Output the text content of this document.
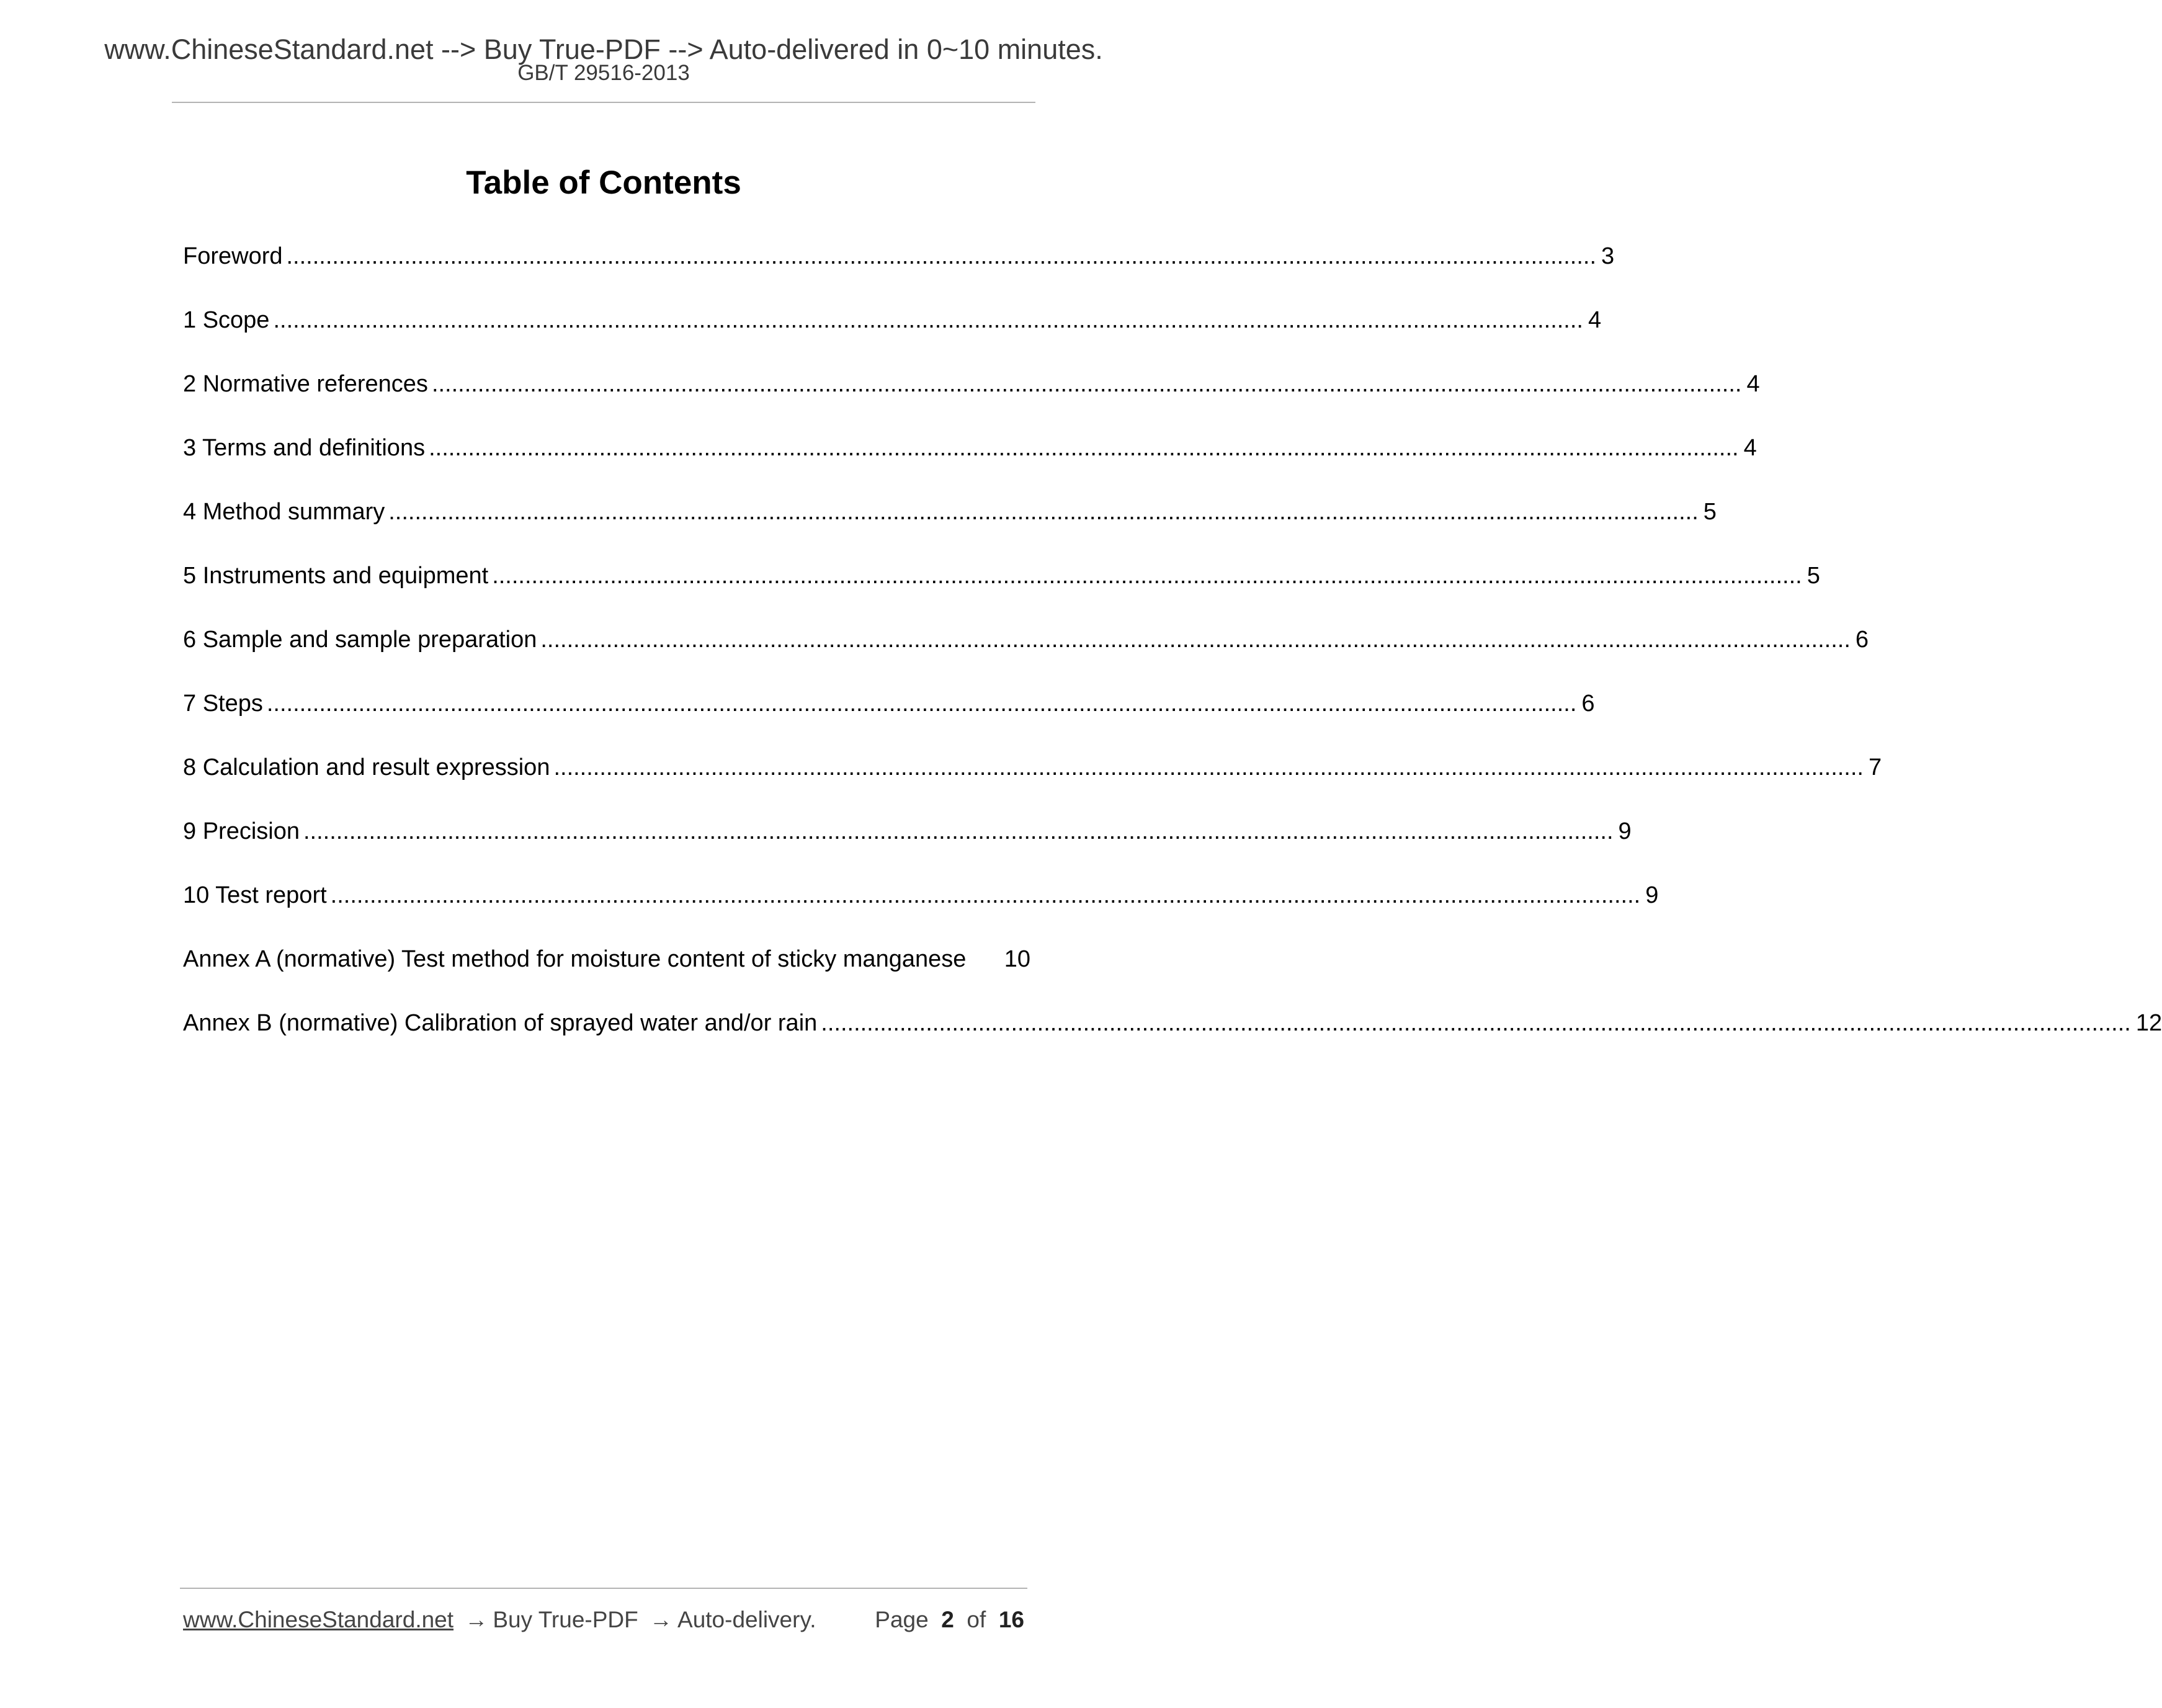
www.ChineseStandard.net --> Buy True-PDF --> Auto-delivered in 0~10 minutes.
GB/T 29516-2013
Table of Contents
Foreword ........................................................................................................................................................................................................ 3
1 Scope ........................................................................................................................................................................................................ 4
2 Normative references ........................................................................................................................................................................................................ 4
3 Terms and definitions ........................................................................................................................................................................................................ 4
4 Method summary ........................................................................................................................................................................................................ 5
5 Instruments and equipment ........................................................................................................................................................................................................ 5
6 Sample and sample preparation ........................................................................................................................................................................................................ 6
7 Steps ........................................................................................................................................................................................................ 6
8 Calculation and result expression ........................................................................................................................................................................................................ 7
9 Precision ........................................................................................................................................................................................................ 9
10 Test report ........................................................................................................................................................................................................ 9
Annex A (normative) Test method for moisture content of sticky manganese 10
Annex B (normative) Calibration of sprayed water and/or rain ........................................................................................................................................................................................................ 12
www.ChineseStandard.net → Buy True-PDF → Auto-delivery.	Page 2 of 16
